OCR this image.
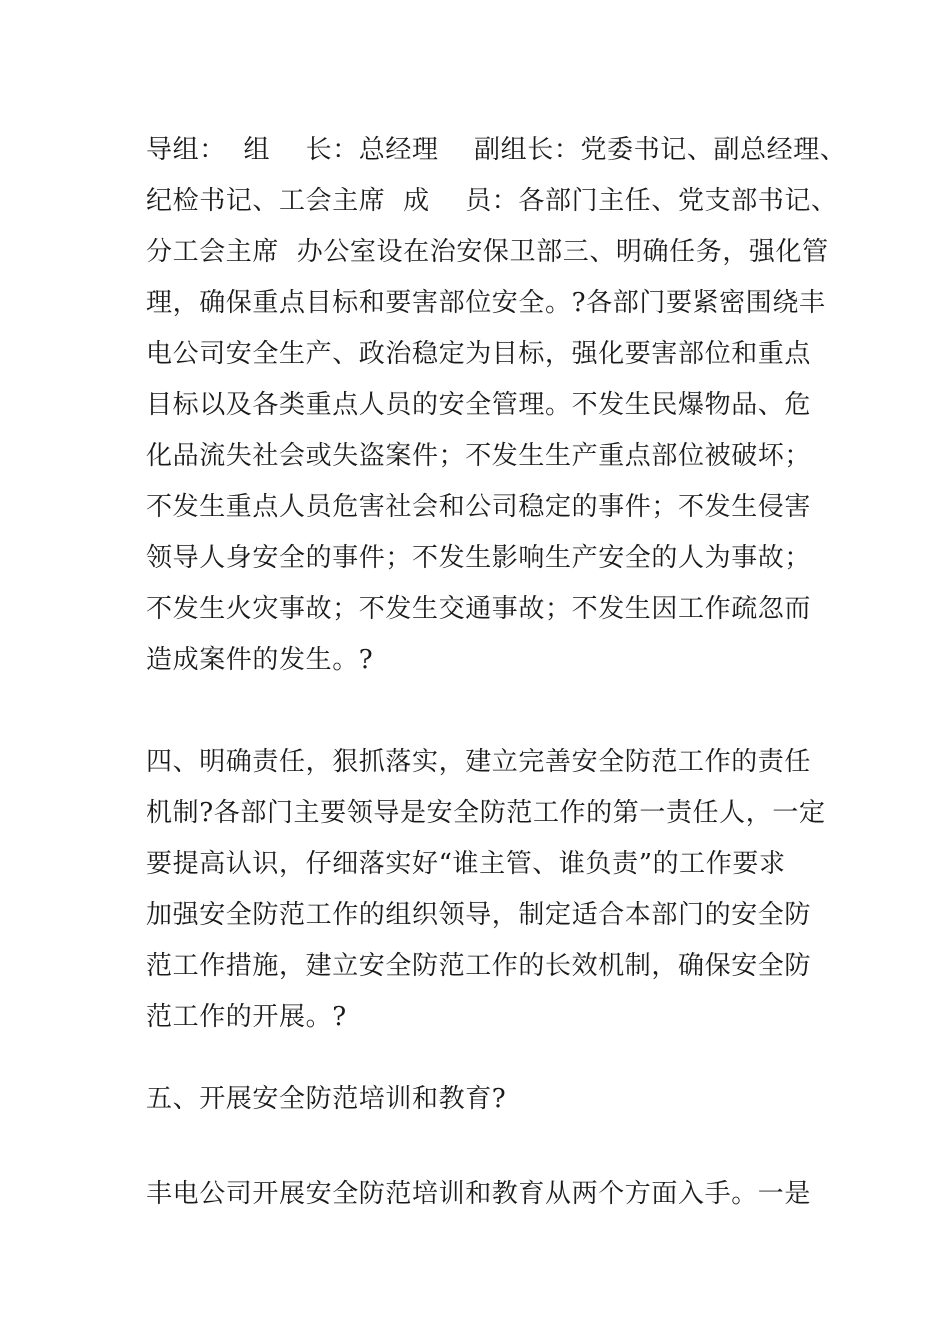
导组：  组    长：总经理    副组长：党委书记、副总经理、
纪检书记、工会主席  成    员：各部门主任、党支部书记、
分工会主席  办公室设在治安保卫部三、明确任务，强化管
理，确保重点目标和要害部位安全。?各部门要紧密围绕丰
电公司安全生产、政治稳定为目标，强化要害部位和重点
目标以及各类重点人员的安全管理。不发生民爆物品、危
化品流失社会或失盗案件；不发生生产重点部位被破坏；
不发生重点人员危害社会和公司稳定的事件；不发生侵害
领导人身安全的事件；不发生影响生产安全的人为事故；
不发生火灾事故；不发生交通事故；不发生因工作疏忽而
造成案件的发生。?
四、明确责任，狠抓落实，建立完善安全防范工作的责任
机制?各部门主要领导是安全防范工作的第一责任人，一定
要提高认识，仔细落实好“谁主管、谁负责”的工作要求
加强安全防范工作的组织领导，制定适合本部门的安全防
范工作措施，建立安全防范工作的长效机制，确保安全防
范工作的开展。?
五、开展安全防范培训和教育?
丰电公司开展安全防范培训和教育从两个方面入手。一是
